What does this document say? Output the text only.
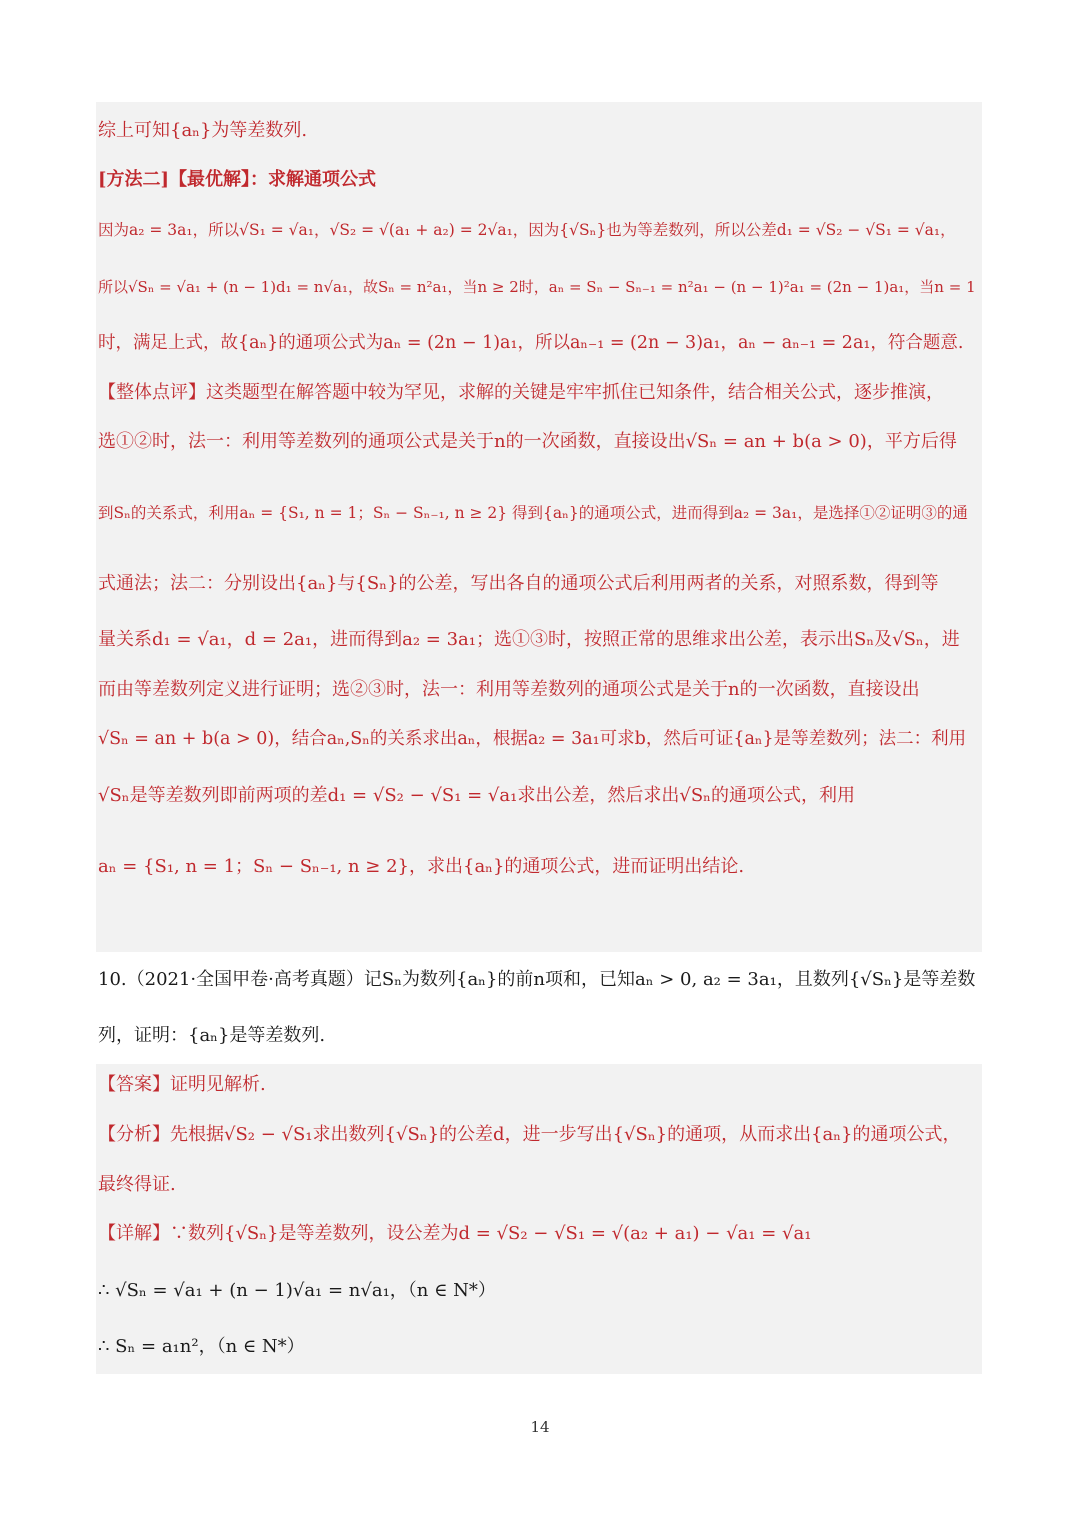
综上可知{aₙ}为等差数列.
[方法二]【最优解】：求解通项公式
因为a₂ = 3a₁，所以√S₁ = √a₁，√S₂ = √(a₁ + a₂) = 2√a₁，因为{√Sₙ}也为等差数列，所以公差d₁ = √S₂ − √S₁ = √a₁，
所以√Sₙ = √a₁ + (n − 1)d₁ = n√a₁，故Sₙ = n²a₁，当n ≥ 2时，aₙ = Sₙ − Sₙ₋₁ = n²a₁ − (n − 1)²a₁ = (2n − 1)a₁，当n = 1
时，满足上式，故{aₙ}的通项公式为aₙ = (2n − 1)a₁，所以aₙ₋₁ = (2n − 3)a₁，aₙ − aₙ₋₁ = 2a₁，符合题意.
【整体点评】这类题型在解答题中较为罕见，求解的关键是牢牢抓住已知条件，结合相关公式，逐步推演，
选①②时，法一：利用等差数列的通项公式是关于n的一次函数，直接设出√Sₙ = an + b(a > 0)，平方后得
到Sₙ的关系式，利用aₙ = {S₁, n = 1；Sₙ − Sₙ₋₁, n ≥ 2} 得到{aₙ}的通项公式，进而得到a₂ = 3a₁，是选择①②证明③的通
式通法；法二：分别设出{aₙ}与{Sₙ}的公差，写出各自的通项公式后利用两者的关系，对照系数，得到等
量关系d₁ = √a₁，d = 2a₁，进而得到a₂ = 3a₁；选①③时，按照正常的思维求出公差，表示出Sₙ及√Sₙ，进
而由等差数列定义进行证明；选②③时，法一：利用等差数列的通项公式是关于n的一次函数，直接设出
√Sₙ = an + b(a > 0)，结合aₙ,Sₙ的关系求出aₙ，根据a₂ = 3a₁可求b，然后可证{aₙ}是等差数列；法二：利用
√Sₙ是等差数列即前两项的差d₁ = √S₂ − √S₁ = √a₁求出公差，然后求出√Sₙ的通项公式，利用
aₙ = {S₁, n = 1；Sₙ − Sₙ₋₁, n ≥ 2}，求出{aₙ}的通项公式，进而证明出结论.
10.（2021·全国甲卷·高考真题）记Sₙ为数列{aₙ}的前n项和，已知aₙ > 0, a₂ = 3a₁，且数列{√Sₙ}是等差数
列，证明：{aₙ}是等差数列.
【答案】证明见解析.
【分析】先根据√S₂ − √S₁求出数列{√Sₙ}的公差d，进一步写出{√Sₙ}的通项，从而求出{aₙ}的通项公式，
最终得证.
【详解】∵数列{√Sₙ}是等差数列，设公差为d = √S₂ − √S₁ = √(a₂ + a₁) − √a₁ = √a₁
∴ √Sₙ = √a₁ + (n − 1)√a₁ = n√a₁，（n ∈ N*）
∴ Sₙ = a₁n²，（n ∈ N*）
14
